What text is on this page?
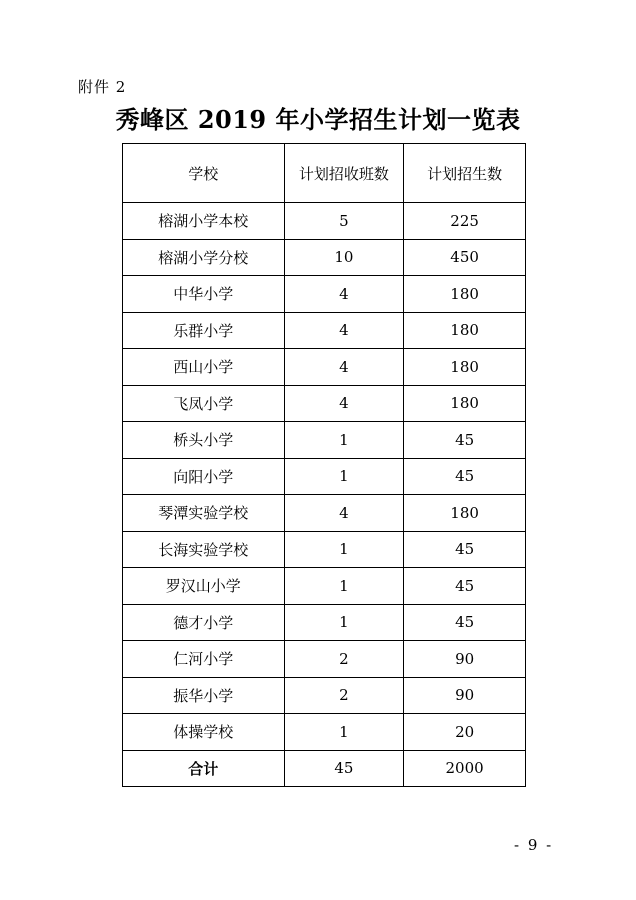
附件 2
秀峰区 2019 年小学招生计划一览表
学校	计划招收班数	计划招生数
榕湖小学本校	5	225
榕湖小学分校	10	450
中华小学	4	180
乐群小学	4	180
西山小学	4	180
飞凤小学	4	180
桥头小学	1	45
向阳小学	1	45
琴潭实验学校	4	180
长海实验学校	1	45
罗汉山小学	1	45
德才小学	1	45
仁河小学	2	90
振华小学	2	90
体操学校	1	20
合计	45	2000
- 9 -
